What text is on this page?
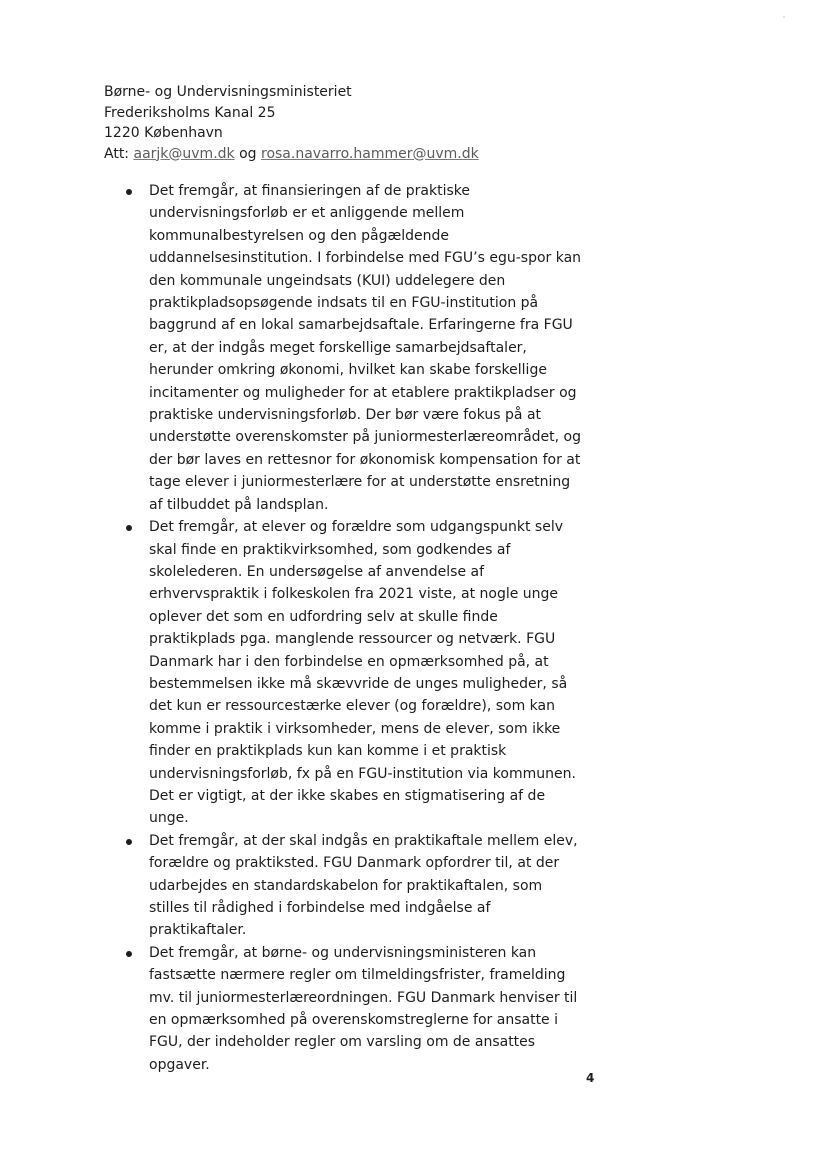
Børne- og Undervisningsministeriet
Frederiksholms Kanal 25
1220 København
Att: aarjk@uvm.dk og rosa.navarro.hammer@uvm.dk
Det fremgår, at finansieringen af de praktiske undervisningsforløb er et anliggende mellem kommunalbestyrelsen og den pågældende uddannelsesinstitution. I forbindelse med FGU’s egu-spor kan den kommunale ungeindsats (KUI) uddelegere den praktikpladsopsøgende indsats til en FGU-institution på baggrund af en lokal samarbejdsaftale. Erfaringerne fra FGU er, at der indgås meget forskellige samarbejdsaftaler, herunder omkring økonomi, hvilket kan skabe forskellige incitamenter og muligheder for at etablere praktikpladser og praktiske undervisningsforløb. Der bør være fokus på at understøtte overenskomster på juniormesterlæreområdet, og der bør laves en rettesnor for økonomisk kompensation for at tage elever i juniormesterlære for at understøtte ensretning af tilbuddet på landsplan.
Det fremgår, at elever og forældre som udgangspunkt selv skal finde en praktikvirksomhed, som godkendes af skolelederen. En undersøgelse af anvendelse af erhvervspraktik i folkeskolen fra 2021 viste, at nogle unge oplever det som en udfordring selv at skulle finde praktikplads pga. manglende ressourcer og netværk. FGU Danmark har i den forbindelse en opmærksomhed på, at bestemmelsen ikke må skævvride de unges muligheder, så det kun er ressourcestærke elever (og forældre), som kan komme i praktik i virksomheder, mens de elever, som ikke finder en praktikplads kun kan komme i et praktisk undervisningsforløb, fx på en FGU-institution via kommunen. Det er vigtigt, at der ikke skabes en stigmatisering af de unge.
Det fremgår, at der skal indgås en praktikaftale mellem elev, forældre og praktiksted. FGU Danmark opfordrer til, at der udarbejdes en standardskabelon for praktikaftalen, som stilles til rådighed i forbindelse med indgåelse af praktikaftaler.
Det fremgår, at børne- og undervisningsministeren kan fastsætte nærmere regler om tilmeldingsfrister, framelding mv. til juniormesterlæreordningen. FGU Danmark henviser til en opmærksomhed på overenskomstreglerne for ansatte i FGU, der indeholder regler om varsling om de ansattes opgaver.
4
